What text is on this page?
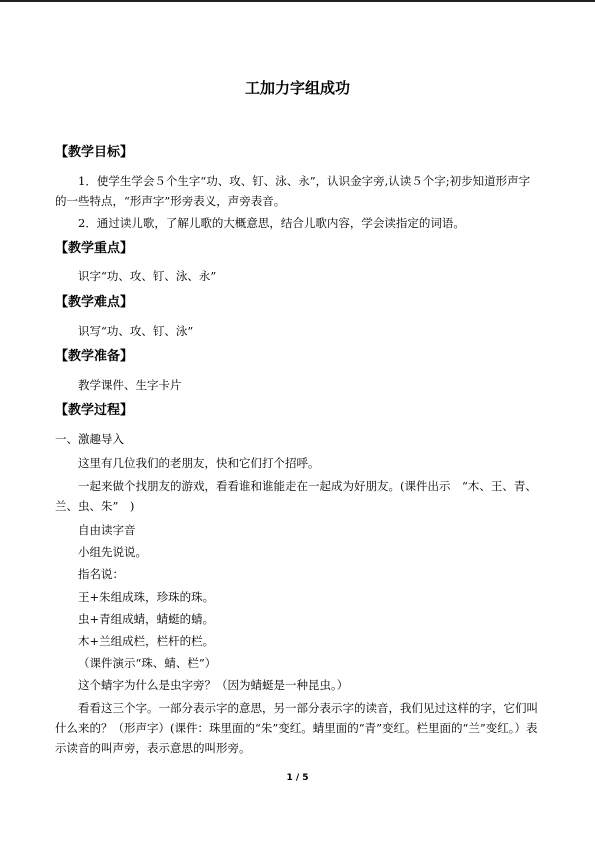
工加力字组成功
【教学目标】
1．使学生学会５个生字“功、攻、钉、泳、永”，认识金字旁,认读５个字;初步知道形声字的一些特点，“形声字”形旁表义，声旁表音。
2．通过读儿歌，了解儿歌的大概意思，结合儿歌内容，学会读指定的词语。
【教学重点】
识字“功、攻、钉、泳、永”
【教学难点】
识写“功、攻、钉、泳”
【教学准备】
教学课件、生字卡片
【教学过程】
一、激趣导入
这里有几位我们的老朋友，快和它们打个招呼。
一起来做个找朋友的游戏，看看谁和谁能走在一起成为好朋友。(课件出示　“木、王、青、兰、虫、朱”　)
自由读字音
小组先说说。
指名说：
王+朱组成珠，珍珠的珠。
虫+青组成蜻，蜻蜓的蜻。
木+兰组成栏，栏杆的栏。
（课件演示“珠、蜻、栏”）
这个蜻字为什么是虫字旁？（因为蜻蜓是一种昆虫。）
看看这三个字。一部分表示字的意思，另一部分表示字的读音，我们见过这样的字，它们叫什么来的？（形声字）(课件：珠里面的“朱”变红。蜻里面的“青”变红。栏里面的“兰”变红。）表示读音的叫声旁，表示意思的叫形旁。
1 / 5
